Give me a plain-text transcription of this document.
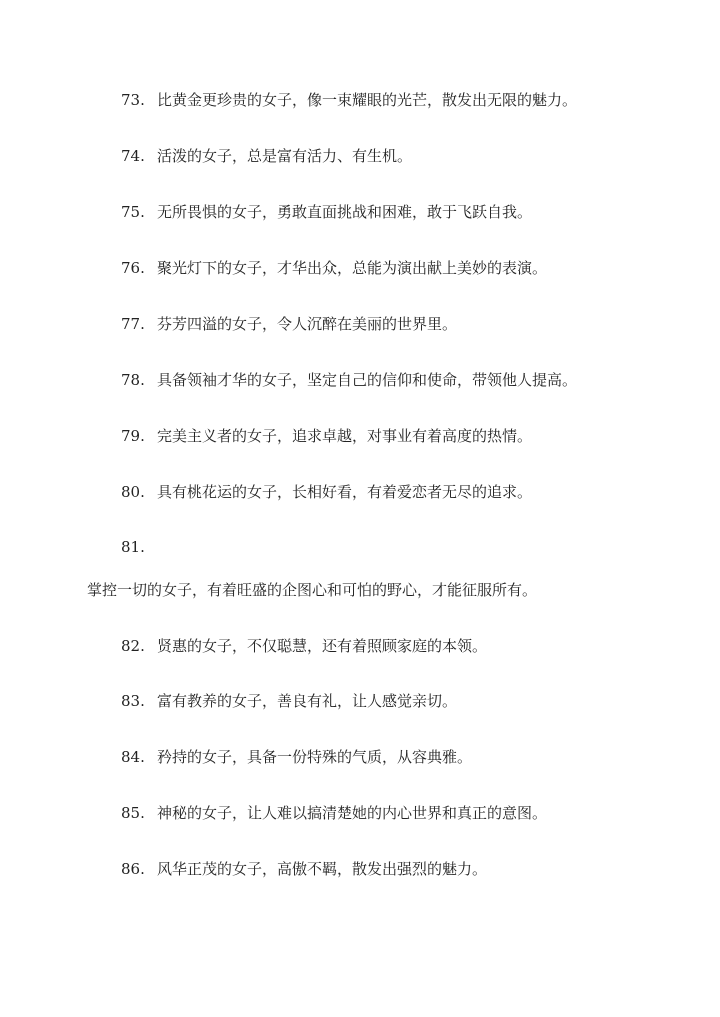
73. 比黄金更珍贵的女子，像一束耀眼的光芒，散发出无限的魅力。
74. 活泼的女子，总是富有活力、有生机。
75. 无所畏惧的女子，勇敢直面挑战和困难，敢于飞跃自我。
76. 聚光灯下的女子，才华出众，总能为演出献上美妙的表演。
77. 芬芳四溢的女子，令人沉醉在美丽的世界里。
78. 具备领袖才华的女子，坚定自己的信仰和使命，带领他人提高。
79. 完美主义者的女子，追求卓越，对事业有着高度的热情。
80. 具有桃花运的女子，长相好看，有着爱恋者无尽的追求。
81.
掌控一切的女子，有着旺盛的企图心和可怕的野心，才能征服所有。
82. 贤惠的女子，不仅聪慧，还有着照顾家庭的本领。
83. 富有教养的女子，善良有礼，让人感觉亲切。
84. 矜持的女子，具备一份特殊的气质，从容典雅。
85. 神秘的女子，让人难以搞清楚她的内心世界和真正的意图。
86. 风华正茂的女子，高傲不羁，散发出强烈的魅力。
